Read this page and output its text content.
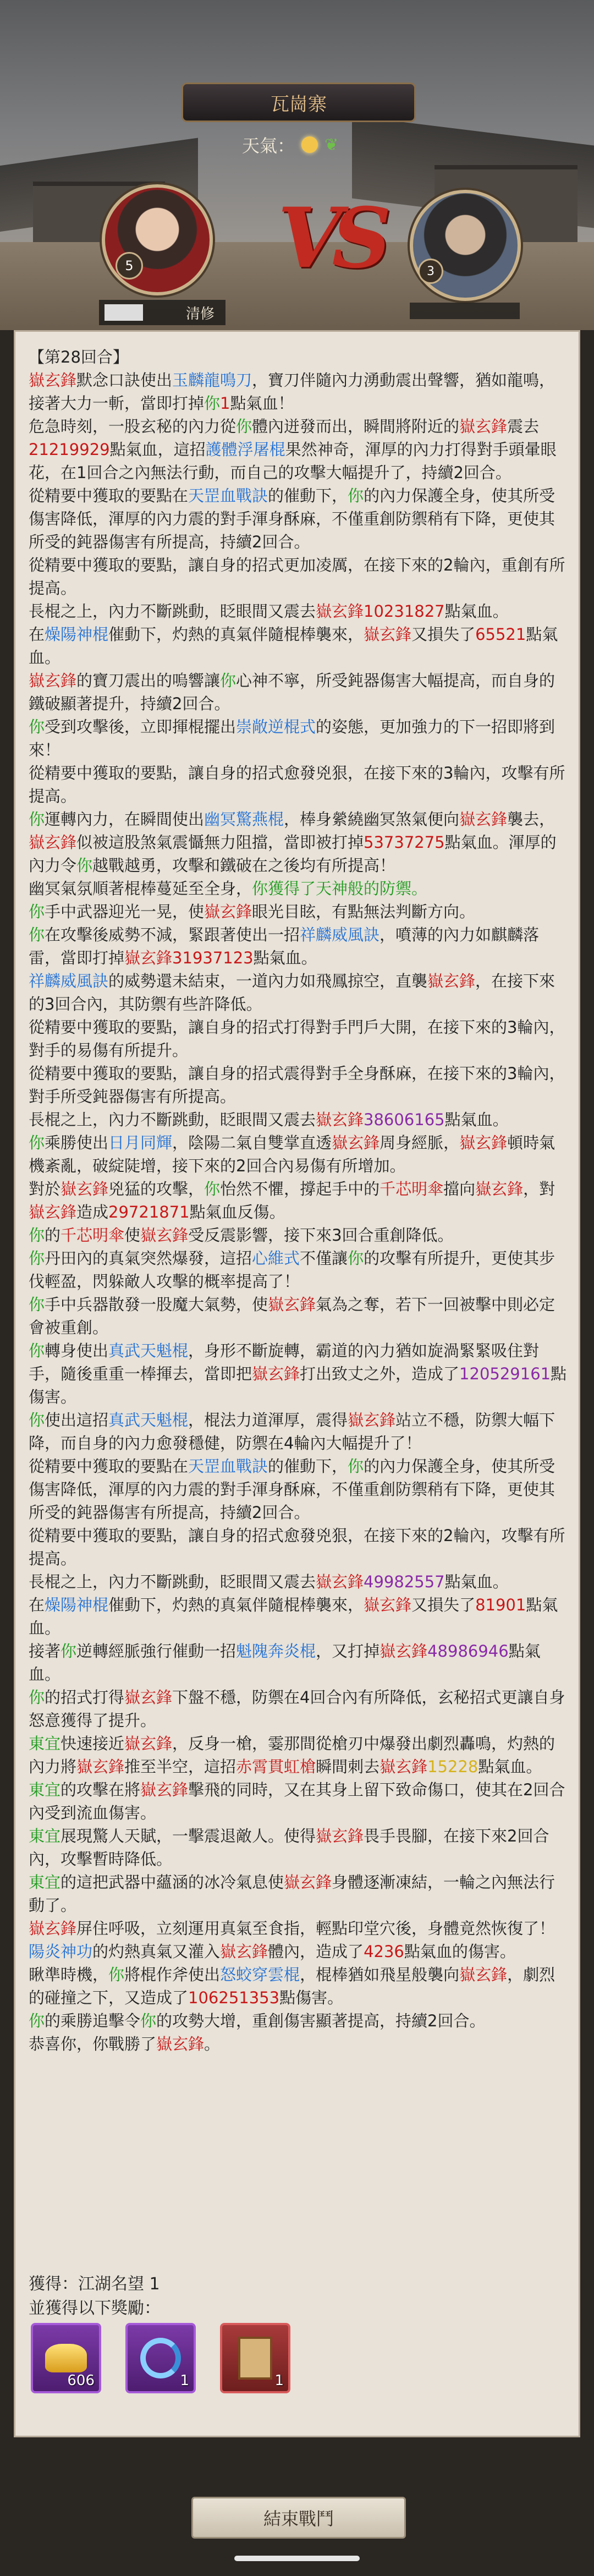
瓦崗寨
天氣： ❦
5
清修
VS	3

【第28回合】

嶽玄鋒默念口訣使出玉麟龍鳴刀，寶刀伴隨內力湧動震出聲響，猶如龍鳴，接著大力一斬，當即打掉你1點氣血！

危急時刻，一股玄秘的內力從你體內迸發而出，瞬間將附近的嶽玄鋒震去21219929點氣血，這招護體浮屠棍果然神奇，渾厚的內力打得對手頭暈眼花，在1回合之內無法行動，而自己的攻擊大幅提升了，持續2回合。

從精要中獲取的要點在天罡血戰訣的催動下，你的內力保護全身，使其所受傷害降低，渾厚的內力震的對手渾身酥麻，不僅重創防禦稍有下降，更使其所受的鈍器傷害有所提高，持續2回合。

從精要中獲取的要點，讓自身的招式更加凌厲，在接下來的2輪內，重創有所提高。

長棍之上，內力不斷跳動，眨眼間又震去嶽玄鋒10231827點氣血。

在燥陽神棍催動下，灼熱的真氣伴隨棍棒襲來，嶽玄鋒又損失了65521點氣血。

嶽玄鋒的寶刀震出的嗚響讓你心神不寧，所受鈍器傷害大幅提高，而自身的鐵破顯著提升，持續2回合。

你受到攻擊後，立即揮棍擺出崇敞逆棍式的姿態，更加強力的下一招即將到來！

從精要中獲取的要點，讓自身的招式愈發兇狠，在接下來的3輪內，攻擊有所提高。

你運轉內力，在瞬間使出幽冥驚燕棍，棒身縈繞幽冥煞氣便向嶽玄鋒襲去，嶽玄鋒似被這股煞氣震懾無力阻擋，當即被打掉53737275點氣血。渾厚的內力令你越戰越勇，攻擊和鐵破在之後均有所提高！

幽冥氣氛順著棍棒蔓延至全身，你獲得了天神般的防禦。

你手中武器迎光一晃，使嶽玄鋒眼光目眩，有點無法判斷方向。

你在攻擊後威勢不減，緊跟著使出一招祥麟威風訣，噴薄的內力如麒麟落雷，當即打掉嶽玄鋒31937123點氣血。

祥麟威風訣的威勢還未結束，一道內力如飛鳳掠空，直襲嶽玄鋒，在接下來的3回合內，其防禦有些許降低。

從精要中獲取的要點，讓自身的招式打得對手門戶大開，在接下來的3輪內，對手的易傷有所提升。

從精要中獲取的要點，讓自身的招式震得對手全身酥麻，在接下來的3輪內，對手所受鈍器傷害有所提高。

長棍之上，內力不斷跳動，眨眼間又震去嶽玄鋒38606165點氣血。

你乘勝使出日月同輝，陰陽二氣自雙掌直透嶽玄鋒周身經脈，嶽玄鋒頓時氣機紊亂，破綻陡增，接下來的2回合內易傷有所增加。

對於嶽玄鋒兇猛的攻擊，你怡然不懼，撐起手中的千芯明傘擋向嶽玄鋒，對嶽玄鋒造成29721871點氣血反傷。

你的千芯明傘使嶽玄鋒受反震影響，接下來3回合重創降低。

你丹田內的真氣突然爆發，這招心維式不僅讓你的攻擊有所提升，更使其步伐輕盈，閃躲敵人攻擊的概率提高了！

你手中兵器散發一股魔大氣勢，使嶽玄鋒氣為之奪，若下一回被擊中則必定會被重創。

你轉身使出真武天魁棍，身形不斷旋轉，霸道的內力猶如旋渦緊緊吸住對手，隨後重重一棒揮去，當即把嶽玄鋒打出致丈之外，造成了120529161點傷害。

你使出這招真武天魁棍，棍法力道渾厚，震得嶽玄鋒站立不穩，防禦大幅下降，而自身的內力愈發穩健，防禦在4輪內大幅提升了！

從精要中獲取的要點在天罡血戰訣的催動下，你的內力保護全身，使其所受傷害降低，渾厚的內力震的對手渾身酥麻，不僅重創防禦稍有下降，更使其所受的鈍器傷害有所提高，持續2回合。

從精要中獲取的要點，讓自身的招式愈發兇狠，在接下來的2輪內，攻擊有所提高。

長棍之上，內力不斷跳動，眨眼間又震去嶽玄鋒49982557點氣血。

在燥陽神棍催動下，灼熱的真氣伴隨棍棒襲來，嶽玄鋒又損失了81901點氣血。

接著你逆轉經脈強行催動一招魁隗奔炎棍，又打掉嶽玄鋒48986946點氣血。

你的招式打得嶽玄鋒下盤不穩，防禦在4回合內有所降低，玄秘招式更讓自身怒意獲得了提升。

東宜快速接近嶽玄鋒，反身一槍，霎那間從槍刃中爆發出劇烈轟鳴，灼熱的內力將嶽玄鋒推至半空，這招赤霄貫虹槍瞬間刺去嶽玄鋒15228點氣血。

東宜的攻擊在將嶽玄鋒擊飛的同時，又在其身上留下致命傷口，使其在2回合內受到流血傷害。

東宜展現驚人天賦，一擊震退敵人。使得嶽玄鋒畏手畏腳，在接下來2回合內，攻擊暫時降低。

東宜的這把武器中蘊涵的冰冷氣息使嶽玄鋒身體逐漸凍結，一輪之內無法行動了。

嶽玄鋒屏住呼吸，立刻運用真氣至食指，輕點印堂穴後，身體竟然恢復了！

陽炎神功的灼熱真氣又灌入嶽玄鋒體內，造成了4236點氣血的傷害。

瞅準時機，你將棍作斧使出怒蛟穿雲棍，棍棒猶如飛星般襲向嶽玄鋒，劇烈的碰撞之下，又造成了106251353點傷害。

你的乘勝追擊令你的攻勢大增，重創傷害顯著提高，持續2回合。

恭喜你，你戰勝了嶽玄鋒。

獲得：江湖名望 1
並獲得以下獎勵：
606	1	1
結束戰鬥
